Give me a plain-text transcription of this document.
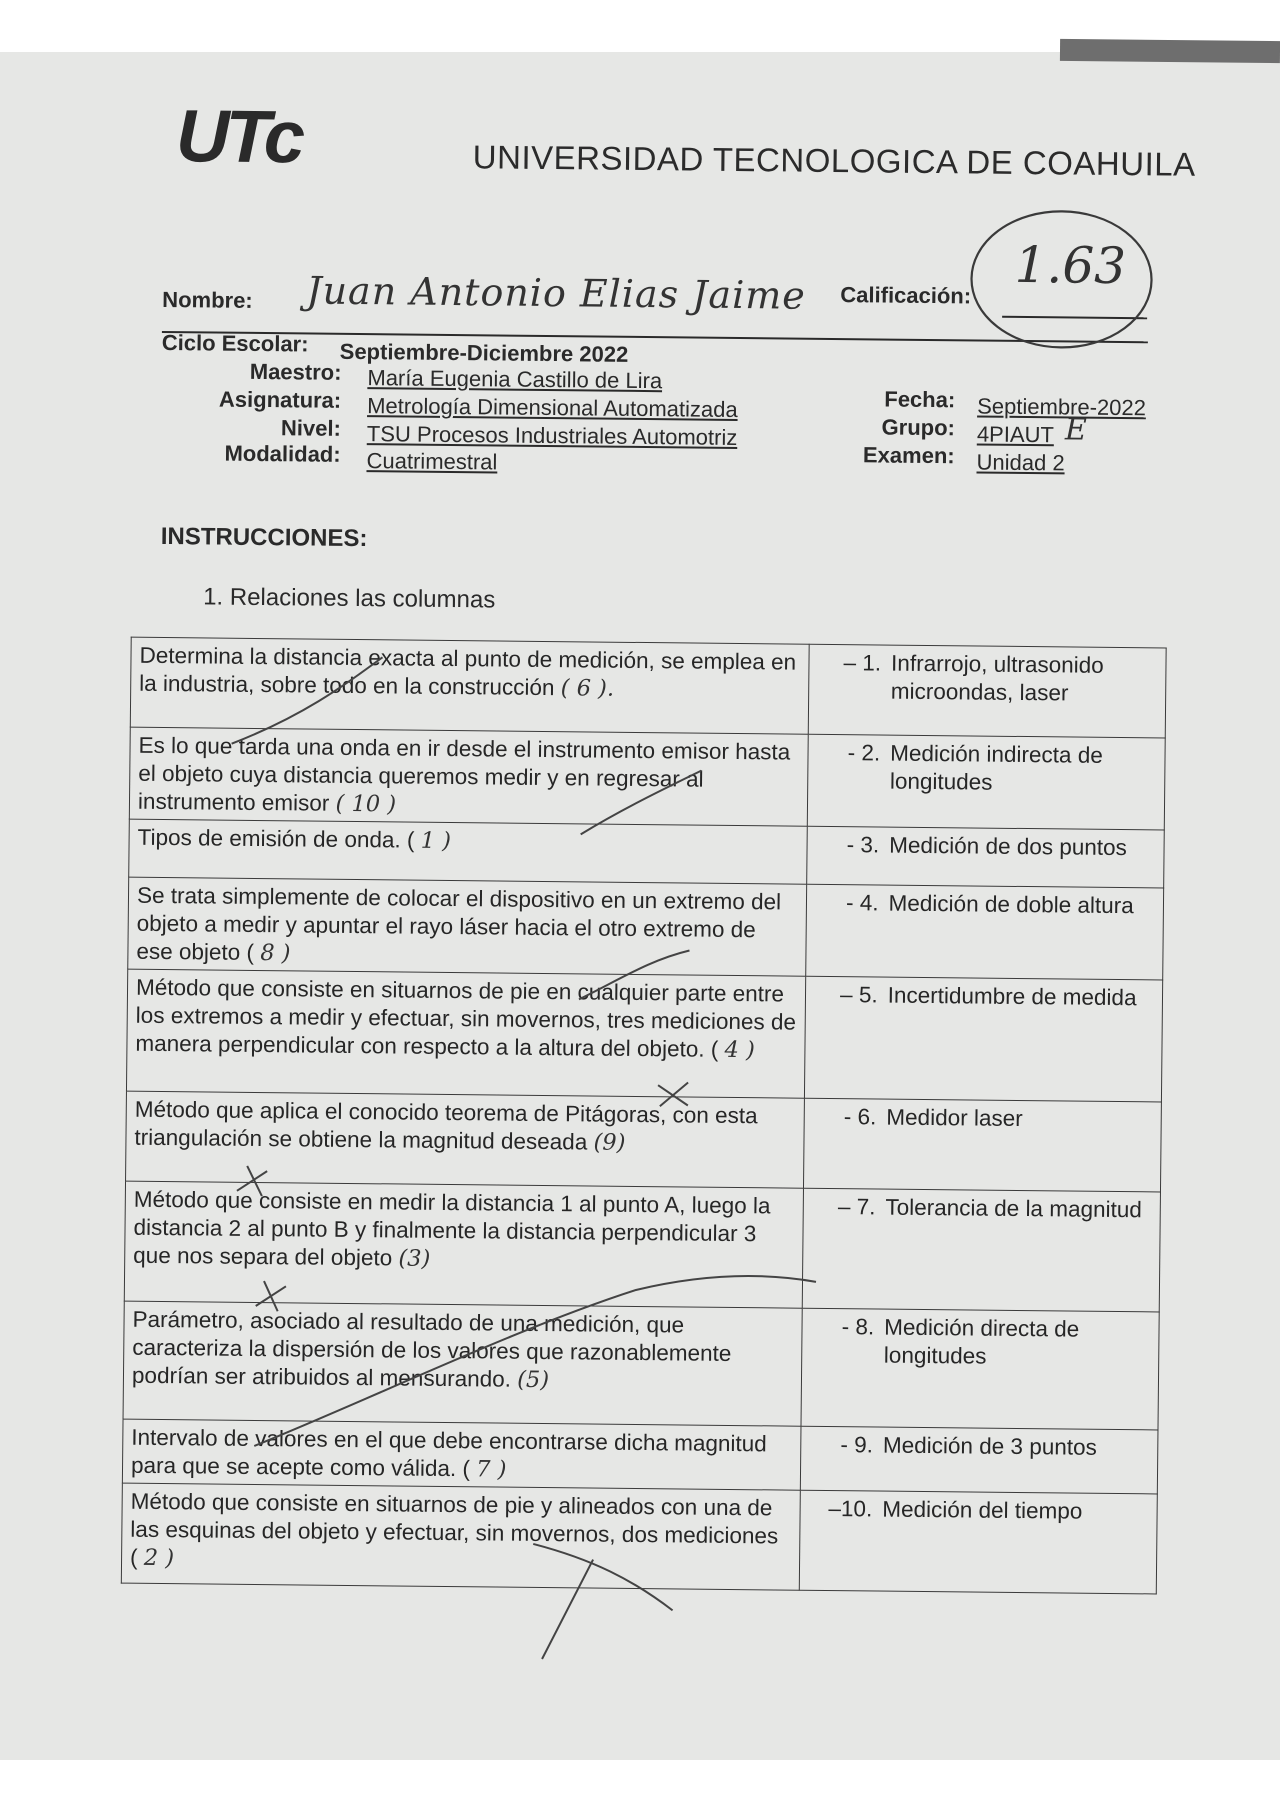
UTc	UNIVERSIDAD TECNOLOGICA DE COAHUILA
Nombre: Juan Antonio Elias Jaime Calificación:
1.63
Ciclo Escolar: Septiembre-Diciembre 2022
Maestro: María Eugenia Castillo de Lira
Asignatura: Metrología Dimensional Automatizada
Nivel: TSU Procesos Industriales Automotriz
Modalidad: Cuatrimestral
Fecha: Septiembre-2022
Grupo: 4PIAUT E
Examen: Unidad 2
INSTRUCCIONES:
1. Relaciones las columnas
Determina la distancia exacta al punto de medición, se emplea en la industria, sobre todo en la construcción ( 6 ).	– 1. Infrarrojo, ultrasonido microondas, laser

Es lo que tarda una onda en ir desde el instrumento emisor hasta el objeto cuya distancia queremos medir y en regresar al instrumento emisor ( 10 )	- 2. Medición indirecta de longitudes

Tipos de emisión de onda. ( 1 )	- 3. Medición de dos puntos

Se trata simplemente de colocar el dispositivo en un extremo del objeto a medir y apuntar el rayo láser hacia el otro extremo de ese objeto ( 8 )	- 4. Medición de doble altura

Método que consiste en situarnos de pie en cualquier parte entre los extremos a medir y efectuar, sin movernos, tres mediciones de manera perpendicular con respecto a la altura del objeto. ( 4 )	– 5. Incertidumbre de medida

Método que aplica el conocido teorema de Pitágoras, con esta triangulación se obtiene la magnitud deseada (9)	- 6. Medidor laser

Método que consiste en medir la distancia 1 al punto A, luego la distancia 2 al punto B y finalmente la distancia perpendicular 3 que nos separa del objeto (3)	– 7. Tolerancia de la magnitud

Parámetro, asociado al resultado de una medición, que caracteriza la dispersión de los valores que razonablemente podrían ser atribuidos al mensurando. (5)	- 8. Medición directa de longitudes

Intervalo de valores en el que debe encontrarse dicha magnitud para que se acepte como válida. ( 7 )	- 9. Medición de 3 puntos

Método que consiste en situarnos de pie y alineados con una de las esquinas del objeto y efectuar, sin movernos, dos mediciones ( 2 )	–10. Medición del tiempo
